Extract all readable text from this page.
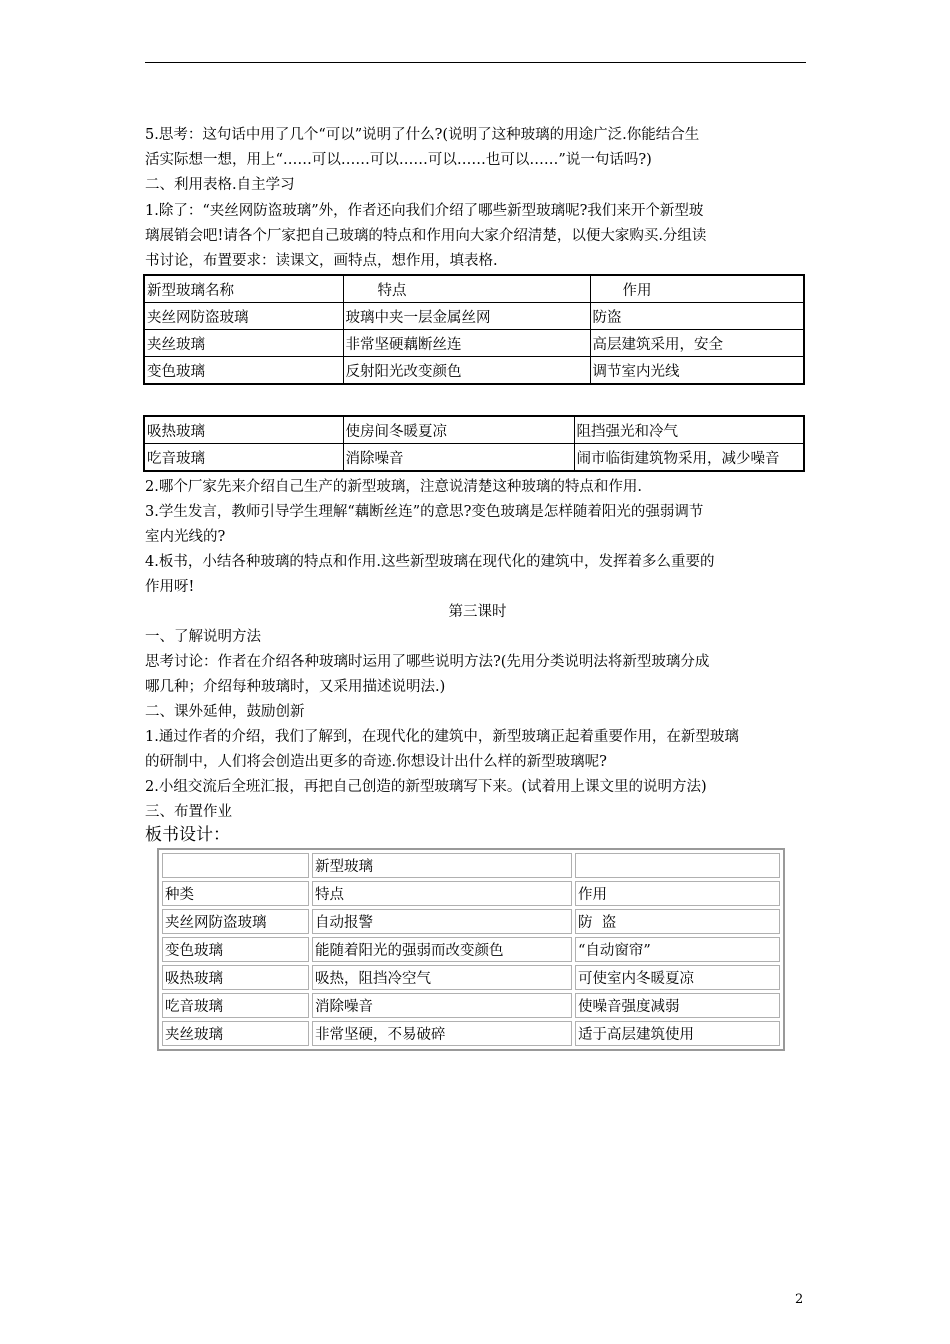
5.思考：这句话中用了几个“可以”说明了什么?(说明了这种玻璃的用途广泛.你能结合生
活实际想一想，用上“……可以……可以……可以……也可以……”说一句话吗?)
二、利用表格.自主学习
1.除了：“夹丝网防盗玻璃”外，作者还向我们介绍了哪些新型玻璃呢?我们来开个新型玻
璃展销会吧!请各个厂家把自己玻璃的特点和作用向大家介绍清楚，以便大家购买.分组读
书讨论，布置要求：读课文，画特点，想作用，填表格.
新型玻璃名称	特点	作用
夹丝网防盗玻璃	玻璃中夹一层金属丝网	防盗
夹丝玻璃	非常坚硬藕断丝连	高层建筑采用，安全
变色玻璃	反射阳光改变颜色	调节室内光线
吸热玻璃	使房间冬暖夏凉	阻挡强光和冷气
吃音玻璃	消除噪音	闹市临街建筑物采用，减少噪音
2.哪个厂家先来介绍自己生产的新型玻璃，注意说清楚这种玻璃的特点和作用.
3.学生发言，教师引导学生理解“藕断丝连”的意思?变色玻璃是怎样随着阳光的强弱调节
室内光线的?
4.板书，小结各种玻璃的特点和作用.这些新型玻璃在现代化的建筑中，发挥着多么重要的
作用呀!
第三课时
一、了解说明方法
思考讨论：作者在介绍各种玻璃时运用了哪些说明方法?(先用分类说明法将新型玻璃分成
哪几种；介绍每种玻璃时，又采用描述说明法.)
二、课外延伸，鼓励创新
1.通过作者的介绍，我们了解到，在现代化的建筑中，新型玻璃正起着重要作用，在新型玻璃
的研制中，人们将会创造出更多的奇迹.你想设计出什么样的新型玻璃呢?
2.小组交流后全班汇报，再把自己创造的新型玻璃写下来。(试着用上课文里的说明方法)
三、布置作业
板书设计：
	新型玻璃	
种类	特点	作用
夹丝网防盗玻璃	自动报警	防  盗
变色玻璃	能随着阳光的强弱而改变颜色	“自动窗帘”
吸热玻璃	吸热，阻挡冷空气	可使室内冬暖夏凉
吃音玻璃	消除噪音	使噪音强度减弱
夹丝玻璃	非常坚硬，不易破碎	适于高层建筑使用
2
